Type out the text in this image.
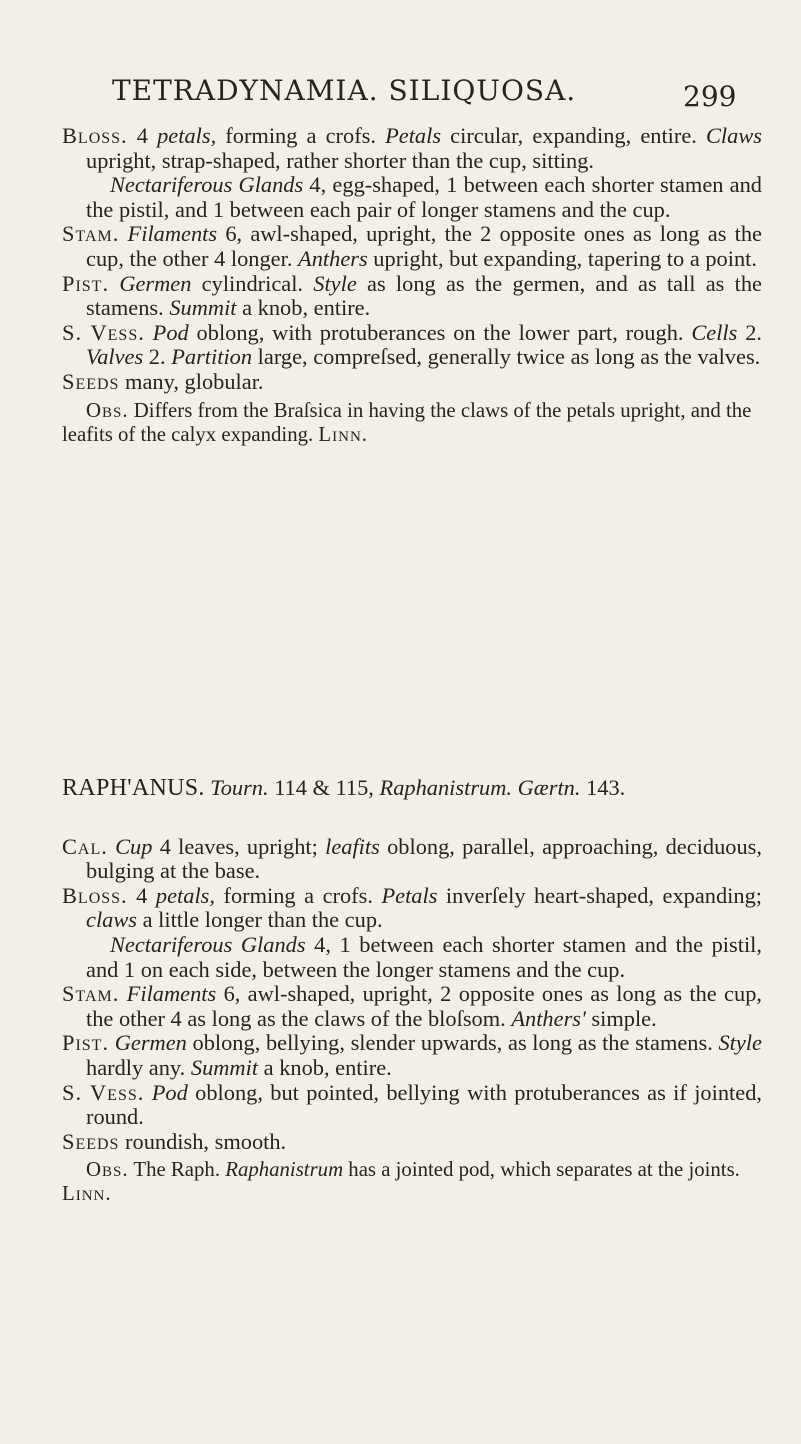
TETRADYNAMIA. SILIQUOSA.	299

Bloss. 4 petals, forming a crofs. Petals circular, expanding, entire. Claws upright, strap-shaped, rather shorter than the cup, sitting.

Nectariferous Glands 4, egg-shaped, 1 between each shorter stamen and the pistil, and 1 between each pair of longer stamens and the cup.

Stam. Filaments 6, awl-shaped, upright, the 2 opposite ones as long as the cup, the other 4 longer. Anthers upright, but expanding, tapering to a point.

Pist. Germen cylindrical. Style as long as the germen, and as tall as the stamens. Summit a knob, entire.

S. Vess. Pod oblong, with protuberances on the lower part, rough. Cells 2. Valves 2. Partition large, compreſsed, generally twice as long as the valves.

Seeds many, globular.

Obs. Differs from the Braſsica in having the claws of the petals upright, and the leafits of the calyx expanding. Linn.

RAPH'ANUS. Tourn. 114 & 115, Raphanistrum. Gærtn. 143.

Cal. Cup 4 leaves, upright; leafits oblong, parallel, approaching, deciduous, bulging at the base.

Bloss. 4 petals, forming a crofs. Petals inverſely heart-shaped, expanding; claws a little longer than the cup.

Nectariferous Glands 4, 1 between each shorter stamen and the pistil, and 1 on each side, between the longer stamens and the cup.

Stam. Filaments 6, awl-shaped, upright, 2 opposite ones as long as the cup, the other 4 as long as the claws of the bloſsom. Anthers' simple.

Pist. Germen oblong, bellying, slender upwards, as long as the stamens. Style hardly any. Summit a knob, entire.

S. Vess. Pod oblong, but pointed, bellying with protuberances as if jointed, round.

Seeds roundish, smooth.

Obs. The Raph. Raphanistrum has a jointed pod, which separates at the joints. Linn.
